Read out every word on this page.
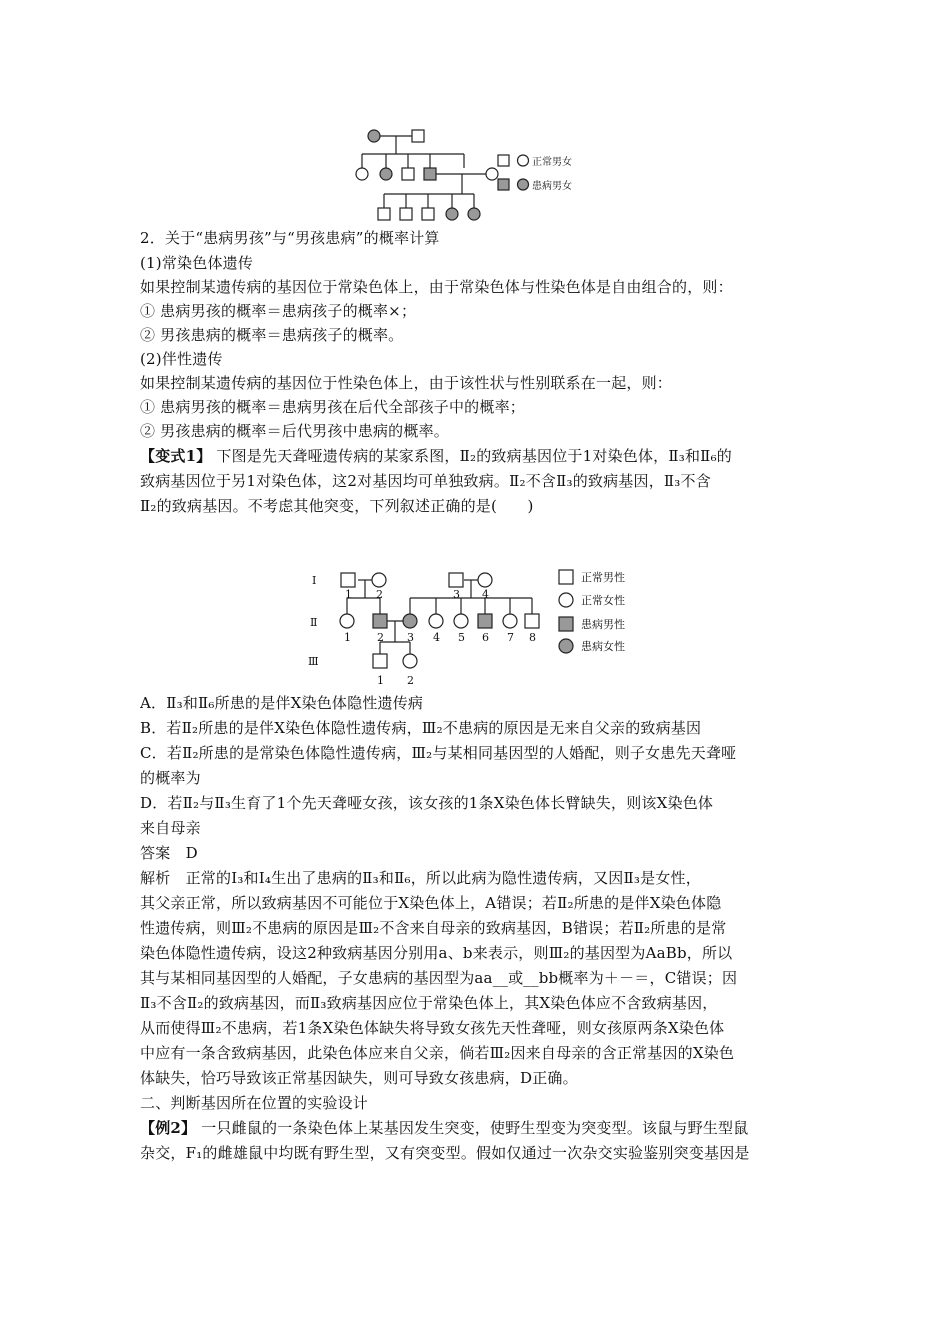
正常男女
患病男女
2．关于“患病男孩”与“男孩患病”的概率计算
(1)常染色体遗传
如果控制某遗传病的基因位于常染色体上，由于常染色体与性染色体是自由组合的，则：
① 患病男孩的概率＝患病孩子的概率×；
② 男孩患病的概率＝患病孩子的概率。
(2)伴性遗传
如果控制某遗传病的基因位于性染色体上，由于该性状与性别联系在一起，则：
① 患病男孩的概率＝患病男孩在后代全部孩子中的概率；
② 男孩患病的概率＝后代男孩中患病的概率。
【变式1】 下图是先天聋哑遗传病的某家系图，Ⅱ₂的致病基因位于1对染色体，Ⅱ₃和Ⅱ₆的
致病基因位于另1对染色体，这2对基因均可单独致病。Ⅱ₂不含Ⅱ₃的致病基因，Ⅱ₃不含
Ⅱ₂的致病基因。不考虑其他突变，下列叙述正确的是(　　)
Ⅰ
Ⅱ
Ⅲ
1 2	3 4
1 2 3 4 5 6 7 8
1 2
正常男性
正常女性
患病男性
患病女性
A．Ⅱ₃和Ⅱ₆所患的是伴X染色体隐性遗传病
B．若Ⅱ₂所患的是伴X染色体隐性遗传病，Ⅲ₂不患病的原因是无来自父亲的致病基因
C．若Ⅱ₂所患的是常染色体隐性遗传病，Ⅲ₂与某相同基因型的人婚配，则子女患先天聋哑
的概率为
D．若Ⅱ₂与Ⅱ₃生育了1个先天聋哑女孩，该女孩的1条X染色体长臂缺失，则该X染色体
来自母亲
答案　D
解析　正常的Ⅰ₃和Ⅰ₄生出了患病的Ⅱ₃和Ⅱ₆，所以此病为隐性遗传病，又因Ⅱ₃是女性，
其父亲正常，所以致病基因不可能位于X染色体上，A错误；若Ⅱ₂所患的是伴X染色体隐
性遗传病，则Ⅲ₂不患病的原因是Ⅲ₂不含来自母亲的致病基因，B错误；若Ⅱ₂所患的是常
染色体隐性遗传病，设这2种致病基因分别用a、b来表示，则Ⅲ₂的基因型为AaBb，所以
其与某相同基因型的人婚配，子女患病的基因型为aa__或__bb概率为＋－＝，C错误；因
Ⅱ₃不含Ⅱ₂的致病基因，而Ⅱ₃致病基因应位于常染色体上，其X染色体应不含致病基因，
从而使得Ⅲ₂不患病，若1条X染色体缺失将导致女孩先天性聋哑，则女孩原两条X染色体
中应有一条含致病基因，此染色体应来自父亲，倘若Ⅲ₂因来自母亲的含正常基因的X染色
体缺失，恰巧导致该正常基因缺失，则可导致女孩患病，D正确。
二、判断基因所在位置的实验设计
【例2】 一只雌鼠的一条染色体上某基因发生突变，使野生型变为突变型。该鼠与野生型鼠
杂交，F₁的雌雄鼠中均既有野生型，又有突变型。假如仅通过一次杂交实验鉴别突变基因是
